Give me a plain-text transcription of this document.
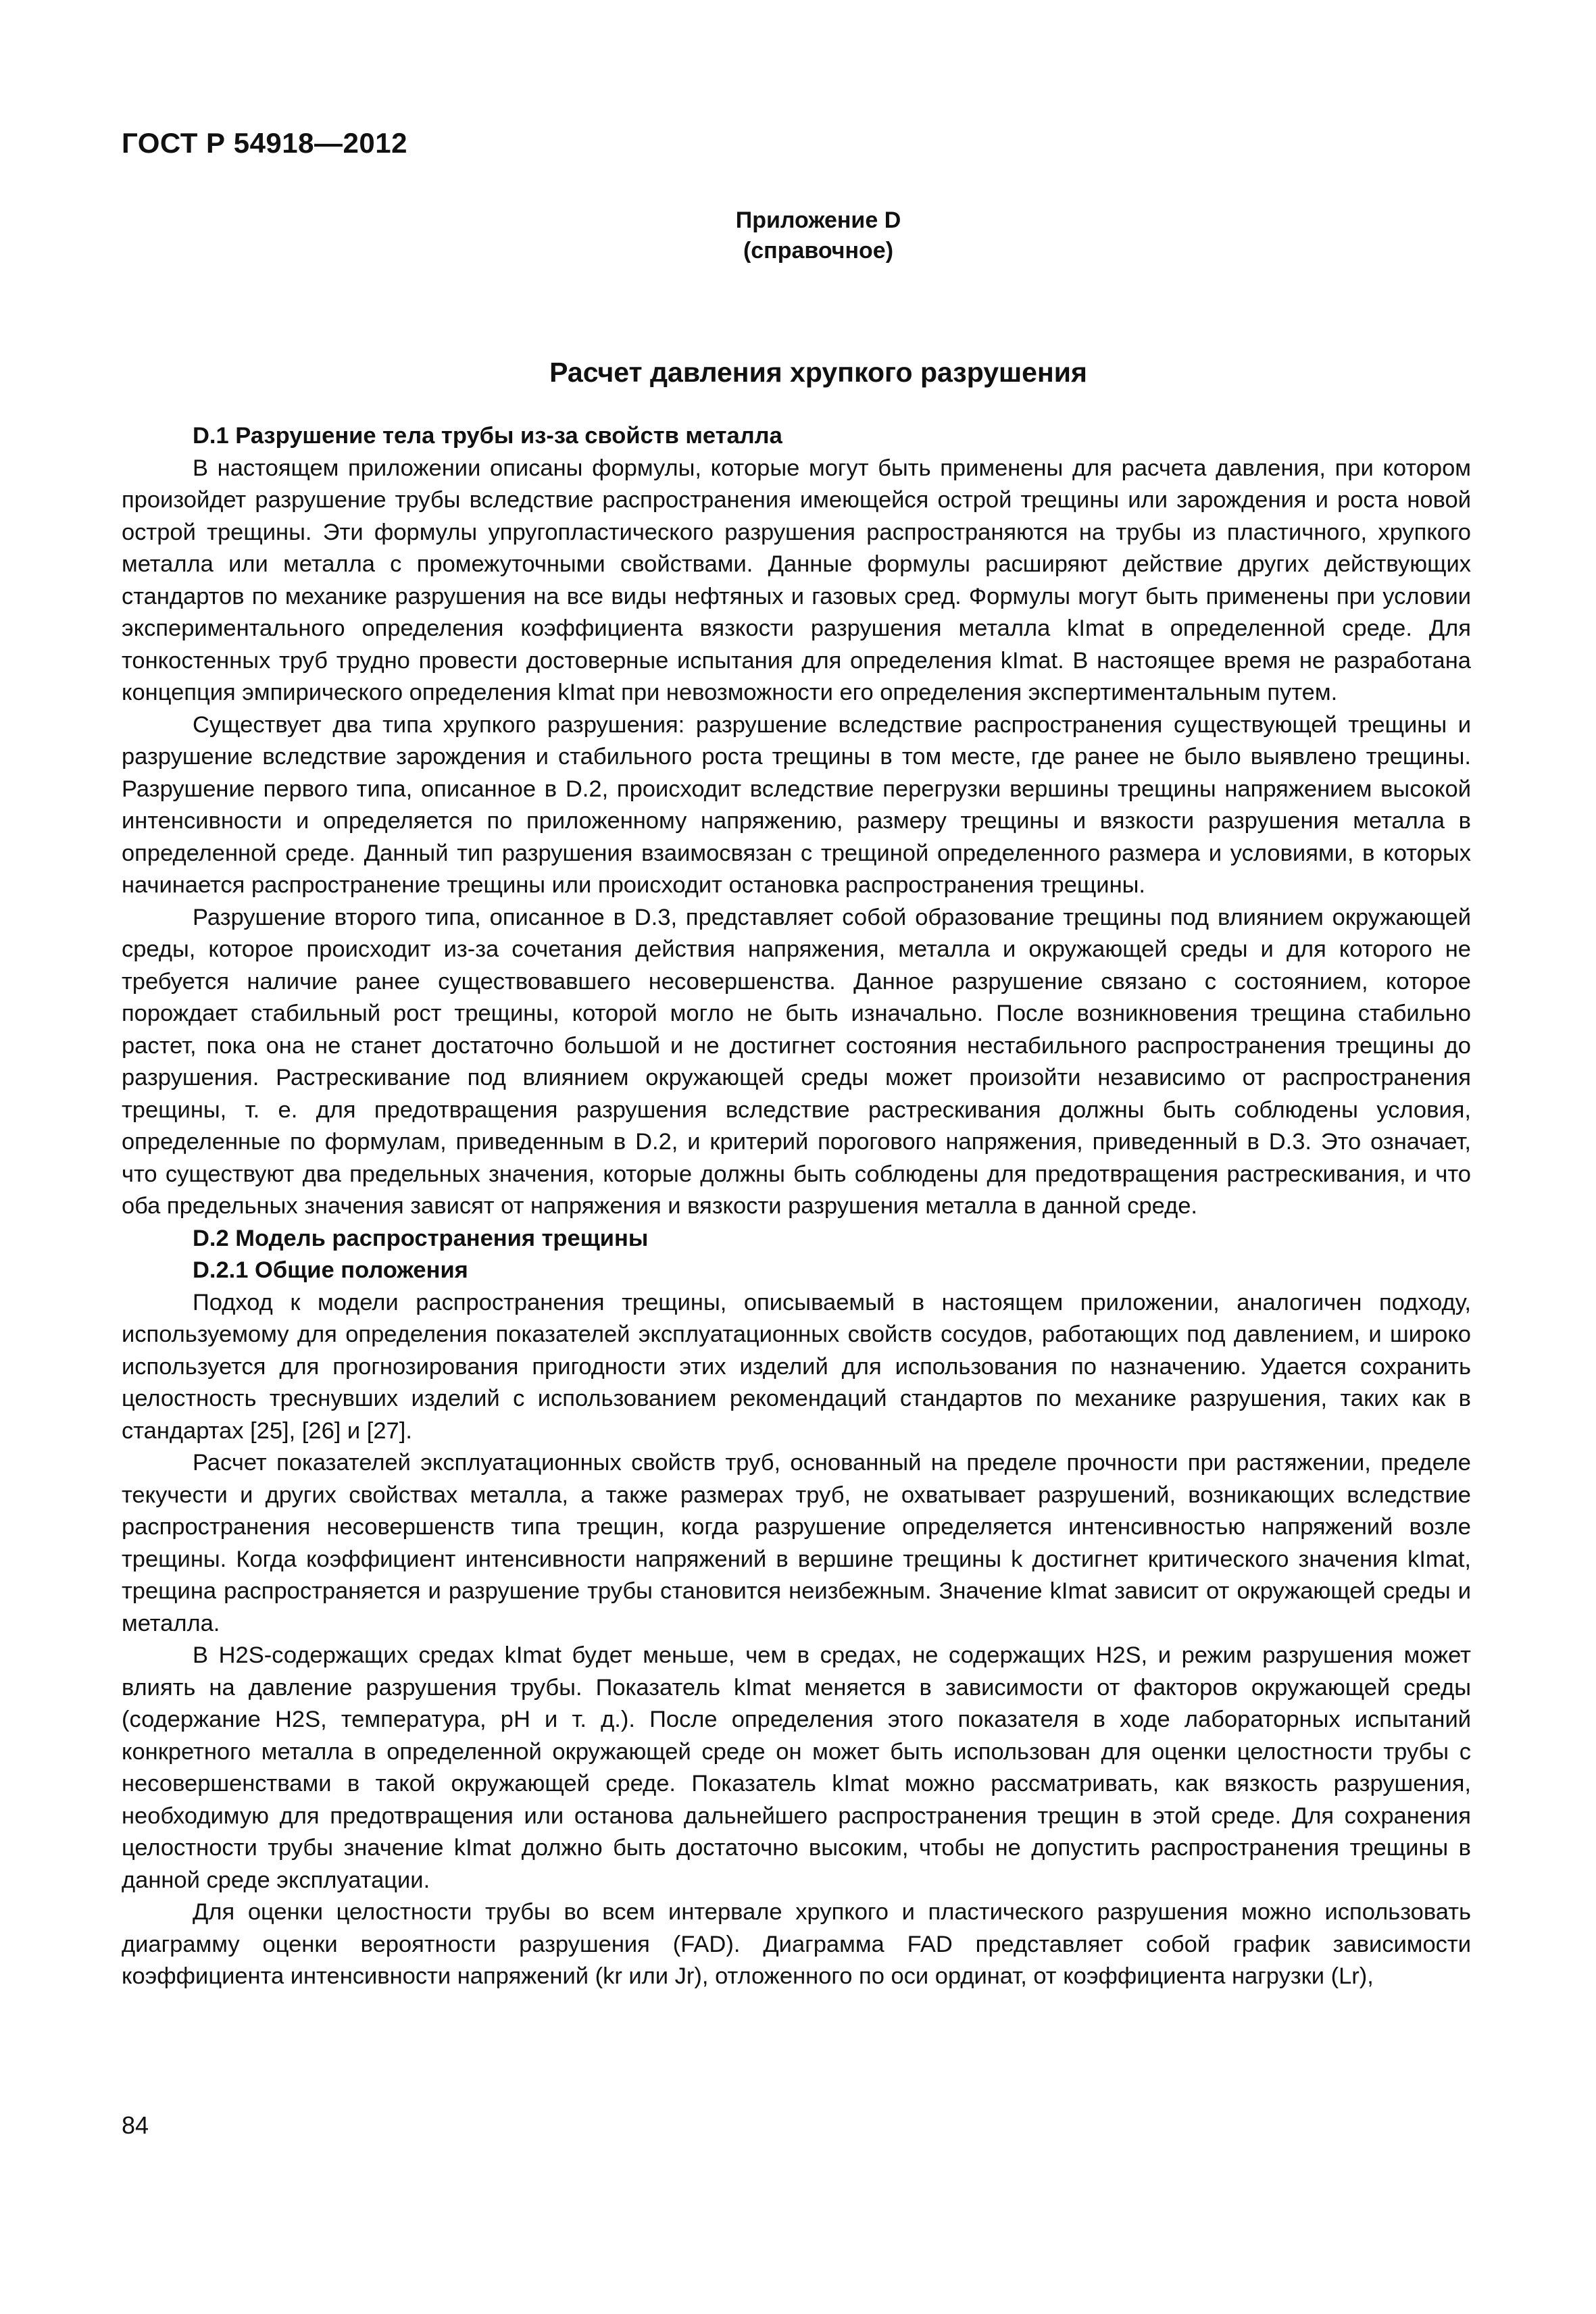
ГОСТ Р 54918—2012
Приложение D
(справочное)
Расчет давления хрупкого разрушения
D.1 Разрушение тела трубы из-за свойств металла

В настоящем приложении описаны формулы, которые могут быть применены для расчета давления, при котором произойдет разрушение трубы вследствие распространения имеющейся острой трещины или зарождения и роста новой острой трещины. Эти формулы упругопластического разрушения распространяются на трубы из пластичного, хрупкого металла или металла с промежуточными свойствами. Данные формулы расширяют действие других действующих стандартов по механике разрушения на все виды нефтяных и газовых сред. Формулы могут быть применены при условии экспериментального определения коэффициента вязкости разрушения металла kImat в определенной среде. Для тонкостенных труб трудно провести достоверные испытания для определения kImat. В настоящее время не разработана концепция эмпирического определения kImat при невозможности его определения экспертиментальным путем.

Существует два типа хрупкого разрушения: разрушение вследствие распространения существующей трещины и разрушение вследствие зарождения и стабильного роста трещины в том месте, где ранее не было выявлено трещины. Разрушение первого типа, описанное в D.2, происходит вследствие перегрузки вершины трещины напряжением высокой интенсивности и определяется по приложенному напряжению, размеру трещины и вязкости разрушения металла в определенной среде. Данный тип разрушения взаимосвязан с трещиной определенного размера и условиями, в которых начинается распространение трещины или происходит остановка распространения трещины.

Разрушение второго типа, описанное в D.3, представляет собой образование трещины под влиянием окружающей среды, которое происходит из-за сочетания действия напряжения, металла и окружающей среды и для которого не требуется наличие ранее существовавшего несовершенства. Данное разрушение связано с состоянием, которое порождает стабильный рост трещины, которой могло не быть изначально. После возникновения трещина стабильно растет, пока она не станет достаточно большой и не достигнет состояния нестабильного распространения трещины до разрушения. Растрескивание под влиянием окружающей среды может произойти независимо от распространения трещины, т. е. для предотвращения разрушения вследствие растрескивания должны быть соблюдены условия, определенные по формулам, приведенным в D.2, и критерий порогового напряжения, приведенный в D.3. Это означает, что существуют два предельных значения, которые должны быть соблюдены для предотвращения растрескивания, и что оба предельных значения зависят от напряжения и вязкости разрушения металла в данной среде.

D.2 Модель распространения трещины
D.2.1 Общие положения

Подход к модели распространения трещины, описываемый в настоящем приложении, аналогичен подходу, используемому для определения показателей эксплуатационных свойств сосудов, работающих под давлением, и широко используется для прогнозирования пригодности этих изделий для использования по назначению. Удается сохранить целостность треснувших изделий с использованием рекомендаций стандартов по механике разрушения, таких как в стандартах [25], [26] и [27].

Расчет показателей эксплуатационных свойств труб, основанный на пределе прочности при растяжении, пределе текучести и других свойствах металла, а также размерах труб, не охватывает разрушений, возникающих вследствие распространения несовершенств типа трещин, когда разрушение определяется интенсивностью напряжений возле трещины. Когда коэффициент интенсивности напряжений в вершине трещины k достигнет критического значения kImat, трещина распространяется и разрушение трубы становится неизбежным. Значение kImat зависит от окружающей среды и металла.

В H2S-содержащих средах kImat будет меньше, чем в средах, не содержащих H2S, и режим разрушения может влиять на давление разрушения трубы. Показатель kImat меняется в зависимости от факторов окружающей среды (содержание H2S, температура, pH и т. д.). После определения этого показателя в ходе лабораторных испытаний конкретного металла в определенной окружающей среде он может быть использован для оценки целостности трубы с несовершенствами в такой окружающей среде. Показатель kImat можно рассматривать, как вязкость разрушения, необходимую для предотвращения или останова дальнейшего распространения трещин в этой среде. Для сохранения целостности трубы значение kImat должно быть достаточно высоким, чтобы не допустить распространения трещины в данной среде эксплуатации.

Для оценки целостности трубы во всем интервале хрупкого и пластического разрушения можно использовать диаграмму оценки вероятности разрушения (FAD). Диаграмма FAD представляет собой график зависимости коэффициента интенсивности напряжений (kr или Jr), отложенного по оси ординат, от коэффициента нагрузки (Lr),

84
